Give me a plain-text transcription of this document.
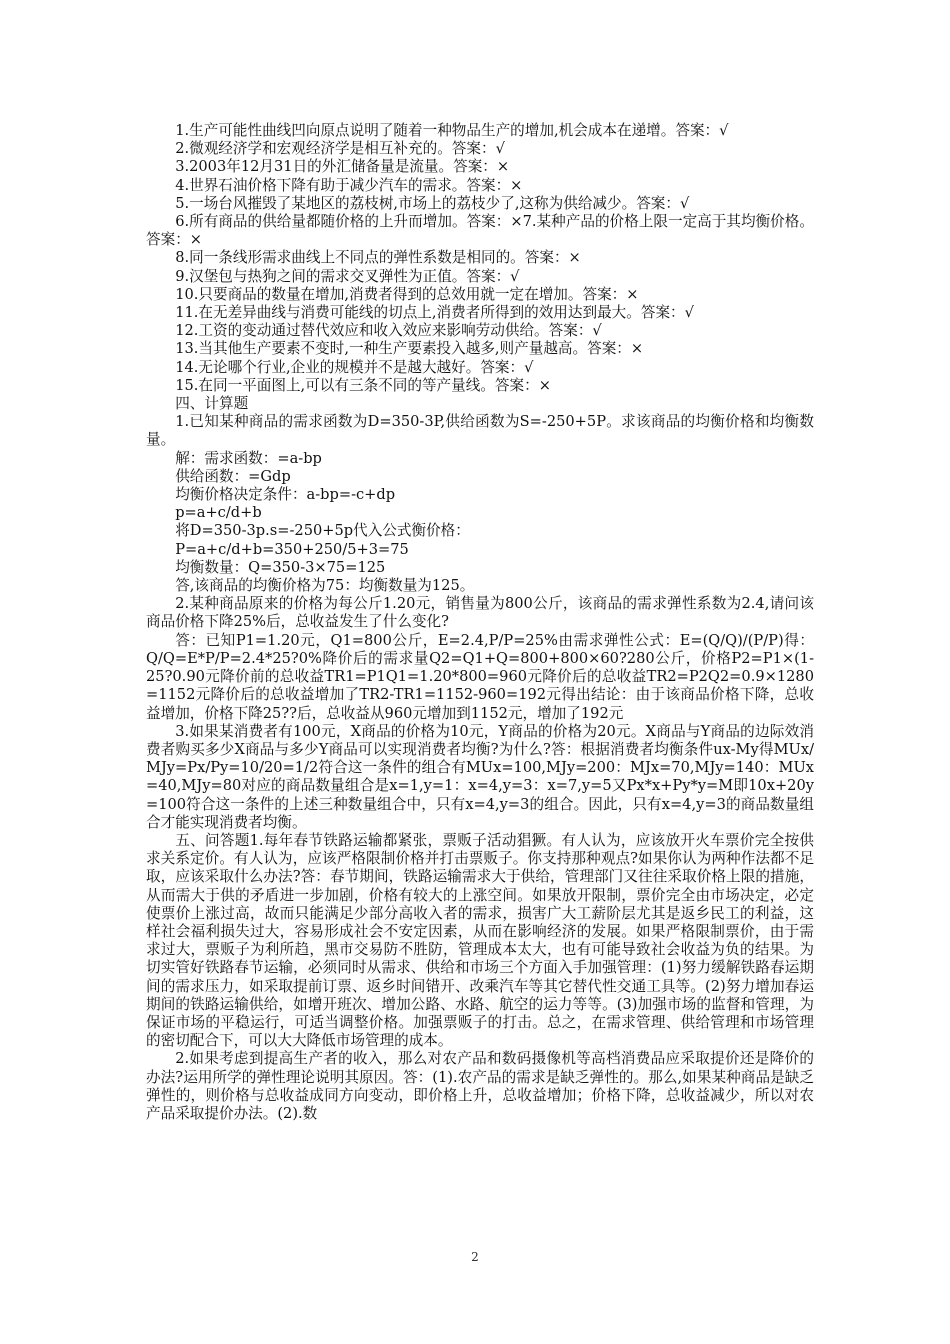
1.生产可能性曲线凹向原点说明了随着一种物品生产的增加,机会成本在递增。答案：√

2.微观经济学和宏观经济学是相互补充的。答案：√

3.2003年12月31日的外汇储备量是流量。答案：×

4.世界石油价格下降有助于减少汽车的需求。答案：×

5.一场台风摧毁了某地区的荔枝树,市场上的荔枝少了,这称为供给减少。答案：√

6.所有商品的供给量都随价格的上升而增加。答案：×7.某种产品的价格上限一定高于其均衡价格。答案：×

8.同一条线形需求曲线上不同点的弹性系数是相同的。答案：×

9.汉堡包与热狗之间的需求交叉弹性为正值。答案：√

10.只要商品的数量在增加,消费者得到的总效用就一定在增加。答案：×

11.在无差异曲线与消费可能线的切点上,消费者所得到的效用达到最大。答案：√

12.工资的变动通过替代效应和收入效应来影响劳动供给。答案：√

13.当其他生产要素不变时,一种生产要素投入越多,则产量越高。答案：×

14.无论哪个行业,企业的规模并不是越大越好。答案：√

15.在同一平面图上,可以有三条不同的等产量线。答案：×

四、计算题

1.已知某种商品的需求函数为D=350-3P,供给函数为S=-250+5P。求该商品的均衡价格和均衡数量。

解：需求函数：=a-bp

供给函数：=Gdp

均衡价格决定条件：a-bp=-c+dp

p=a+c/d+b

将D=350-3p.s=-250+5p代入公式衡价格：

P=a+c/d+b=350+250/5+3=75

均衡数量：Q=350-3×75=125

答,该商品的均衡价格为75：均衡数量为125。

2.某种商品原来的价格为每公斤1.20元，销售量为800公斤，该商品的需求弹性系数为2.4,请问该商品价格下降25%后，总收益发生了什么变化?

答：已知P1=1.20元，Q1=800公斤，E=2.4,P/P=25%由需求弹性公式：E=(Q/Q)/(P/P)得：Q/Q=E*P/P=2.4*25?0%降价后的需求量Q2=Q1+Q=800+800×60?280公斤，价格P2=P1×(1-25?0.90元降价前的总收益TR1=P1Q1=1.20*800=960元降价后的总收益TR2=P2Q2=0.9×1280=1152元降价后的总收益增加了TR2-TR1=1152-960=192元得出结论：由于该商品价格下降，总收益增加，价格下降25??后，总收益从960元增加到1152元，增加了192元

3.如果某消费者有100元，X商品的价格为10元，Y商品的价格为20元。X商品与Y商品的边际效消费者购买多少X商品与多少Y商品可以实现消费者均衡?为什么?答：根据消费者均衡条件ux-My得MUx/MJy=Px/Py=10/20=1/2符合这一条件的组合有MUx=100,MJy=200：MJx=70,MJy=140：MUx=40,MJy=80对应的商品数量组合是x=1,y=1：x=4,y=3：x=7,y=5又Px*x+Py*y=M即10x+20y=100符合这一条件的上述三种数量组合中，只有x=4,y=3的组合。因此，只有x=4,y=3的商品数量组合才能实现消费者均衡。

五、问答题1.每年春节铁路运输都紧张，票贩子活动猖獗。有人认为，应该放开火车票价完全按供求关系定价。有人认为，应该严格限制价格并打击票贩子。你支持那种观点?如果你认为两种作法都不足取，应该采取什么办法?答：春节期间，铁路运输需求大于供给，管理部门又往往采取价格上限的措施，从而需大于供的矛盾进一步加剧，价格有较大的上涨空间。如果放开限制，票价完全由市场决定，必定使票价上涨过高，故而只能满足少部分高收入者的需求，损害广大工薪阶层尤其是返乡民工的利益，这样社会福利损失过大，容易形成社会不安定因素，从而在影响经济的发展。如果严格限制票价，由于需求过大，票贩子为利所趋，黑市交易防不胜防，管理成本太大，也有可能导致社会收益为负的结果。为切实管好铁路春节运输，必须同时从需求、供给和市场三个方面入手加强管理：(1)努力缓解铁路春运期间的需求压力，如采取提前订票、返乡时间错开、改乘汽车等其它替代性交通工具等。(2)努力增加春运期间的铁路运输供给，如增开班次、增加公路、水路、航空的运力等等。(3)加强市场的监督和管理，为保证市场的平稳运行，可适当调整价格。加强票贩子的打击。总之，在需求管理、供给管理和市场管理的密切配合下，可以大大降低市场管理的成本。

2.如果考虑到提高生产者的收入，那么对农产品和数码摄像机等高档消费品应采取提价还是降价的办法?运用所学的弹性理论说明其原因。答：(1).农产品的需求是缺乏弹性的。那么,如果某种商品是缺乏弹性的，则价格与总收益成同方向变动，即价格上升，总收益增加；价格下降，总收益减少，所以对农产品采取提价办法。(2).数

2
